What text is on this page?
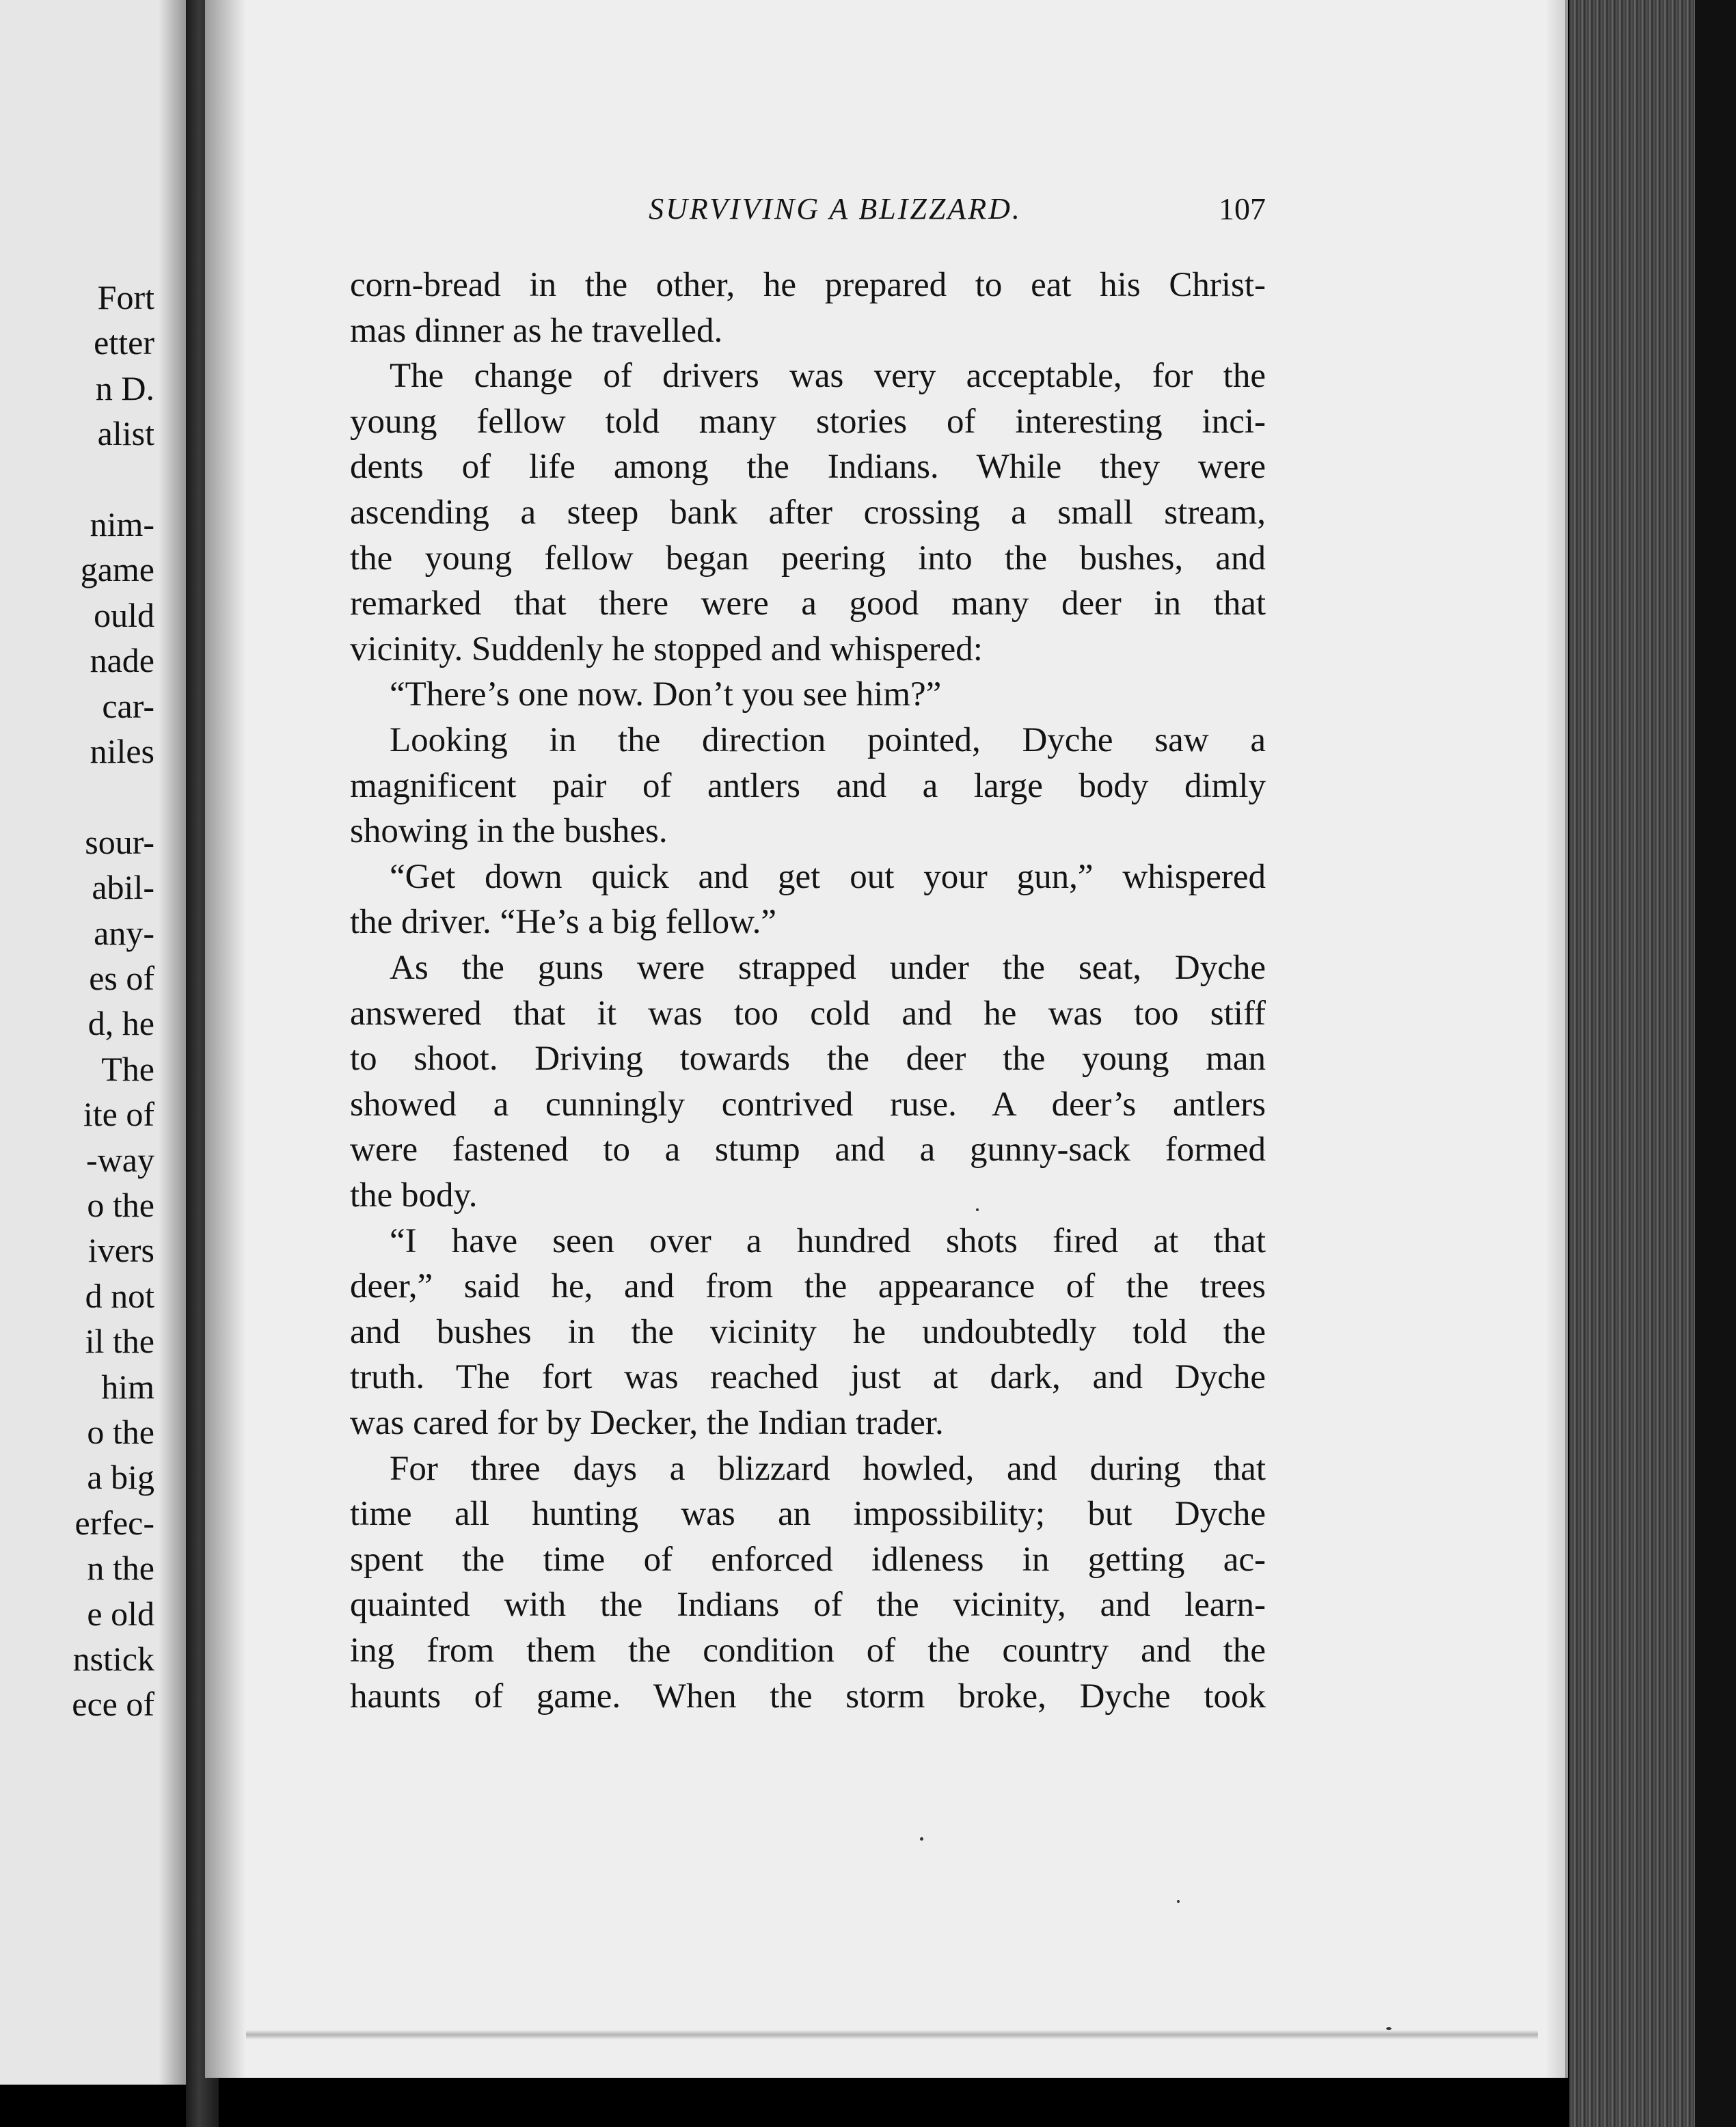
Fort
etter
n D.
alist
nim-
game
ould
nade
car-
niles
sour-
abil-
any-
es of
d, he
The
ite of
-way
o the
ivers
d not
il the
him
o the
a big
erfec-
n the
e old
nstick
ece of
SURVIVING A BLIZZARD.	107
corn-bread in the other, he prepared to eat his Christ-
mas dinner as he travelled.
The change of drivers was very acceptable, for the
young fellow told many stories of interesting inci-
dents of life among the Indians. While they were
ascending a steep bank after crossing a small stream,
the young fellow began peering into the bushes, and
remarked that there were a good many deer in that
vicinity. Suddenly he stopped and whispered:
“There’s one now. Don’t you see him?”
Looking in the direction pointed, Dyche saw a
magnificent pair of antlers and a large body dimly
showing in the bushes.
“Get down quick and get out your gun,” whispered
the driver. “He’s a big fellow.”
As the guns were strapped under the seat, Dyche
answered that it was too cold and he was too stiff
to shoot. Driving towards the deer the young man
showed a cunningly contrived ruse. A deer’s antlers
were fastened to a stump and a gunny-sack formed
the body.
“I have seen over a hundred shots fired at that
deer,” said he, and from the appearance of the trees
and bushes in the vicinity he undoubtedly told the
truth. The fort was reached just at dark, and Dyche
was cared for by Decker, the Indian trader.
For three days a blizzard howled, and during that
time all hunting was an impossibility; but Dyche
spent the time of enforced idleness in getting ac-
quainted with the Indians of the vicinity, and learn-
ing from them the condition of the country and the
haunts of game. When the storm broke, Dyche took
